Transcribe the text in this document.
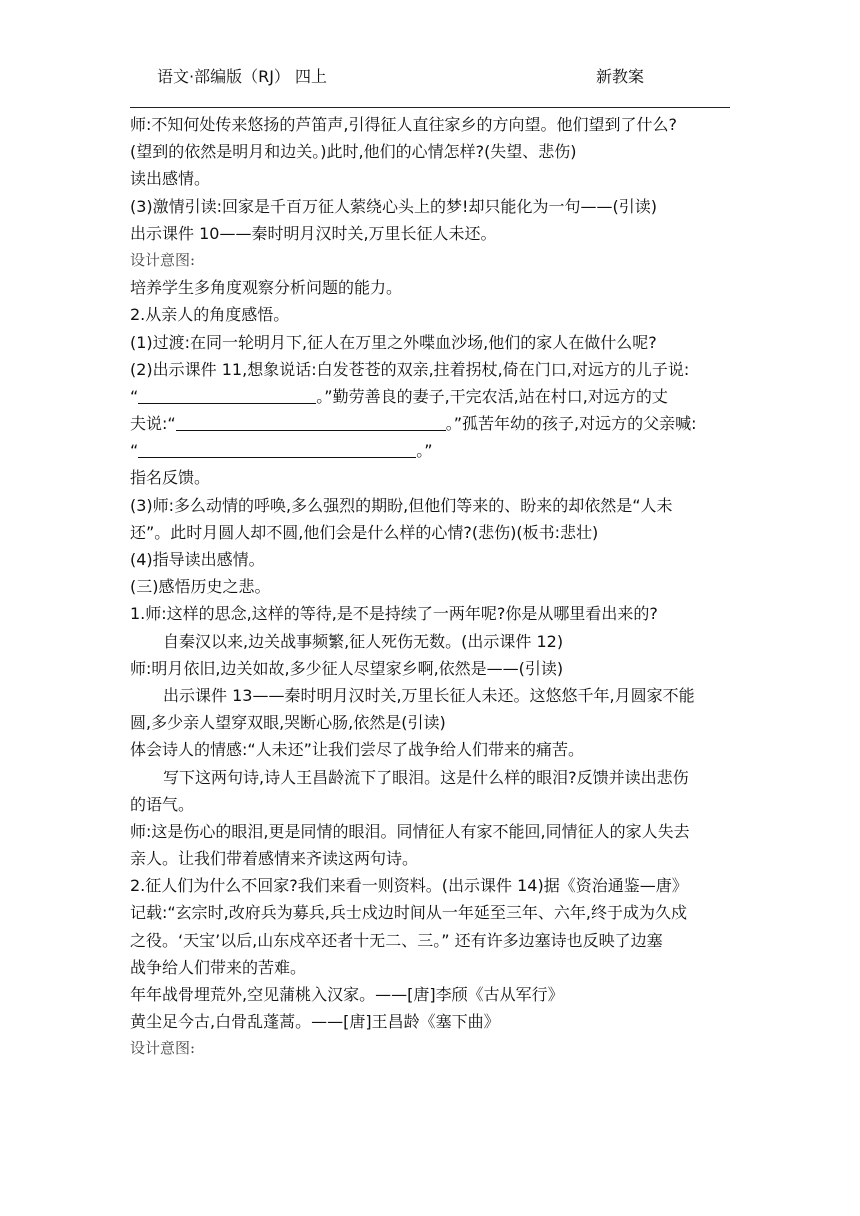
语文·部编版（RJ） 四上	新教案
师:不知何处传来悠扬的芦笛声,引得征人直往家乡的方向望。他们望到了什么?
(望到的依然是明月和边关。)此时,他们的心情怎样?(失望、悲伤)
读出感情。
(3)激情引读:回家是千百万征人萦绕心头上的梦!却只能化为一句——(引读)
出示课件 10——秦时明月汉时关,万里长征人未还。
设计意图:
培养学生多角度观察分析问题的能力。
2.从亲人的角度感悟。
(1)过渡:在同一轮明月下,征人在万里之外喋血沙场,他们的家人在做什么呢?
(2)出示课件 11,想象说话:白发苍苍的双亲,拄着拐杖,倚在门口,对远方的儿子说:
“	。”勤劳善良的妻子,干完农活,站在村口,对远方的丈
夫说:“	。”孤苦年幼的孩子,对远方的父亲喊:
“	。”
指名反馈。
(3)师:多么动情的呼唤,多么强烈的期盼,但他们等来的、盼来的却依然是“人未
还”。此时月圆人却不圆,他们会是什么样的心情?(悲伤)(板书:悲壮)
(4)指导读出感情。
(三)感悟历史之悲。
1.师:这样的思念,这样的等待,是不是持续了一两年呢?你是从哪里看出来的?
自秦汉以来,边关战事频繁,征人死伤无数。(出示课件 12)
师:明月依旧,边关如故,多少征人尽望家乡啊,依然是——(引读)
出示课件 13——秦时明月汉时关,万里长征人未还。这悠悠千年,月圆家不能
圆,多少亲人望穿双眼,哭断心肠,依然是(引读)
体会诗人的情感:“人未还”让我们尝尽了战争给人们带来的痛苦。
写下这两句诗,诗人王昌龄流下了眼泪。这是什么样的眼泪?反馈并读出悲伤
的语气。
师:这是伤心的眼泪,更是同情的眼泪。同情征人有家不能回,同情征人的家人失去
亲人。让我们带着感情来齐读这两句诗。
2.征人们为什么不回家?我们来看一则资料。(出示课件 14)据《资治通鉴—唐》
记载:“玄宗时,改府兵为募兵,兵士戍边时间从一年延至三年、六年,终于成为久戍
之役。‘天宝’以后,山东戍卒还者十无二、三。” 还有许多边塞诗也反映了边塞
战争给人们带来的苦难。
年年战骨埋荒外,空见蒲桃入汉家。——[唐]李颀《古从军行》
黄尘足今古,白骨乱蓬蒿。——[唐]王昌龄《塞下曲》
设计意图:
